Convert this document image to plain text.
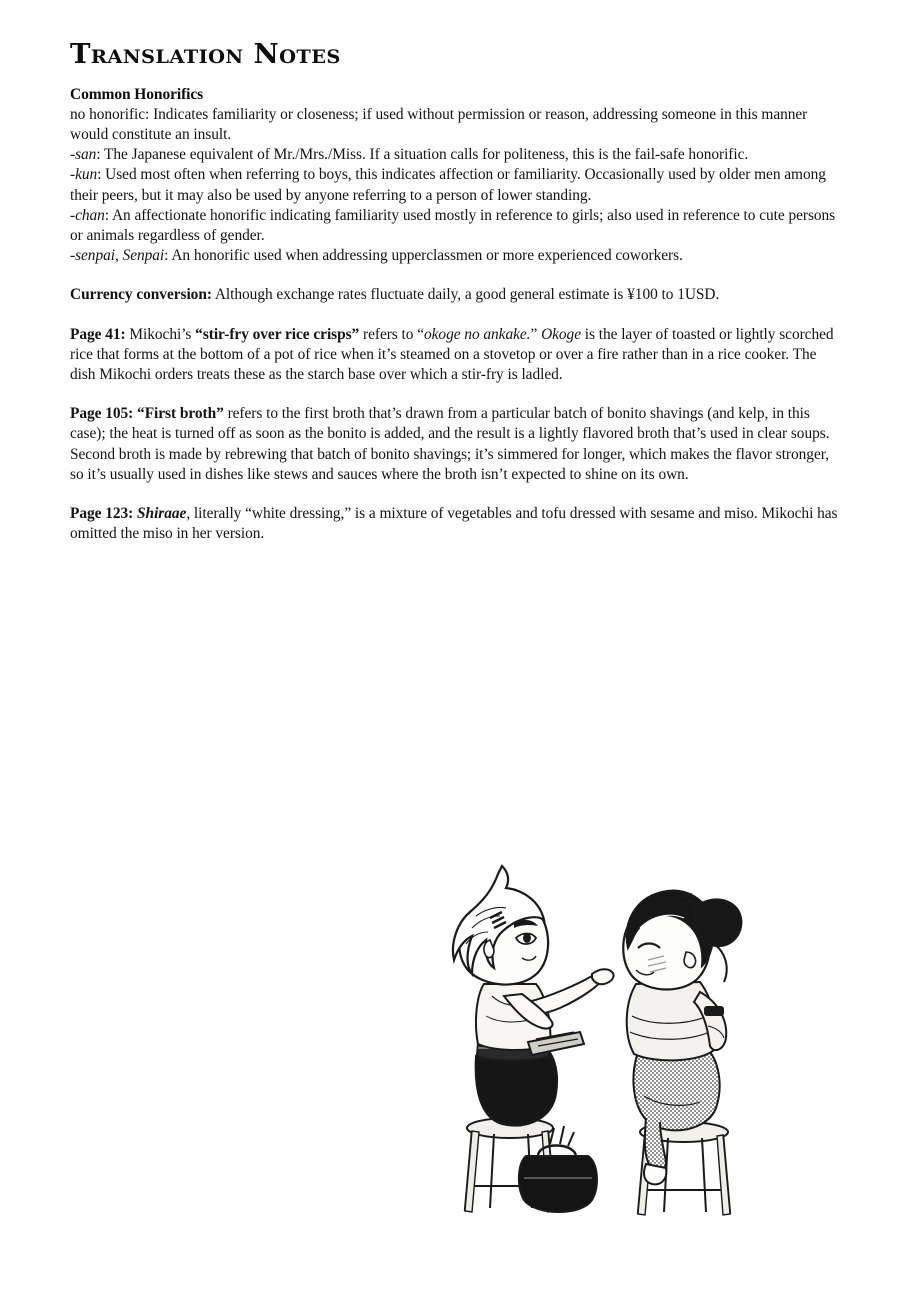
Translation Notes
Common Honorifics

no honorific: Indicates familiarity or closeness; if used without permission or reason, addressing someone in this manner would constitute an insult.

-san: The Japanese equivalent of Mr./Mrs./Miss. If a situation calls for politeness, this is the fail-safe honorific.

-kun: Used most often when referring to boys, this indicates affection or familiarity. Occasionally used by older men among their peers, but it may also be used by anyone referring to a person of lower standing.

-chan: An affectionate honorific indicating familiarity used mostly in reference to girls; also used in reference to cute persons or animals regardless of gender.

-senpai, Senpai: An honorific used when addressing upperclassmen or more experienced coworkers.

Currency conversion: Although exchange rates fluctuate daily, a good general estimate is ¥100 to 1USD.

Page 41: Mikochi’s “stir-fry over rice crisps” refers to “okoge no ankake.” Okoge is the layer of toasted or lightly scorched rice that forms at the bottom of a pot of rice when it’s steamed on a stovetop or over a fire rather than in a rice cooker. The dish Mikochi orders treats these as the starch base over which a stir-fry is ladled.

Page 105: “First broth” refers to the first broth that’s drawn from a particular batch of bonito shavings (and kelp, in this case); the heat is turned off as soon as the bonito is added, and the result is a lightly flavored broth that’s used in clear soups. Second broth is made by rebrewing that batch of bonito shavings; it’s simmered for longer, which makes the flavor stronger, so it’s usually used in dishes like stews and sauces where the broth isn’t expected to shine on its own.

Page 123: Shiraae, literally “white dressing,” is a mixture of vegetables and tofu dressed with sesame and miso. Mikochi has omitted the miso in her version.
